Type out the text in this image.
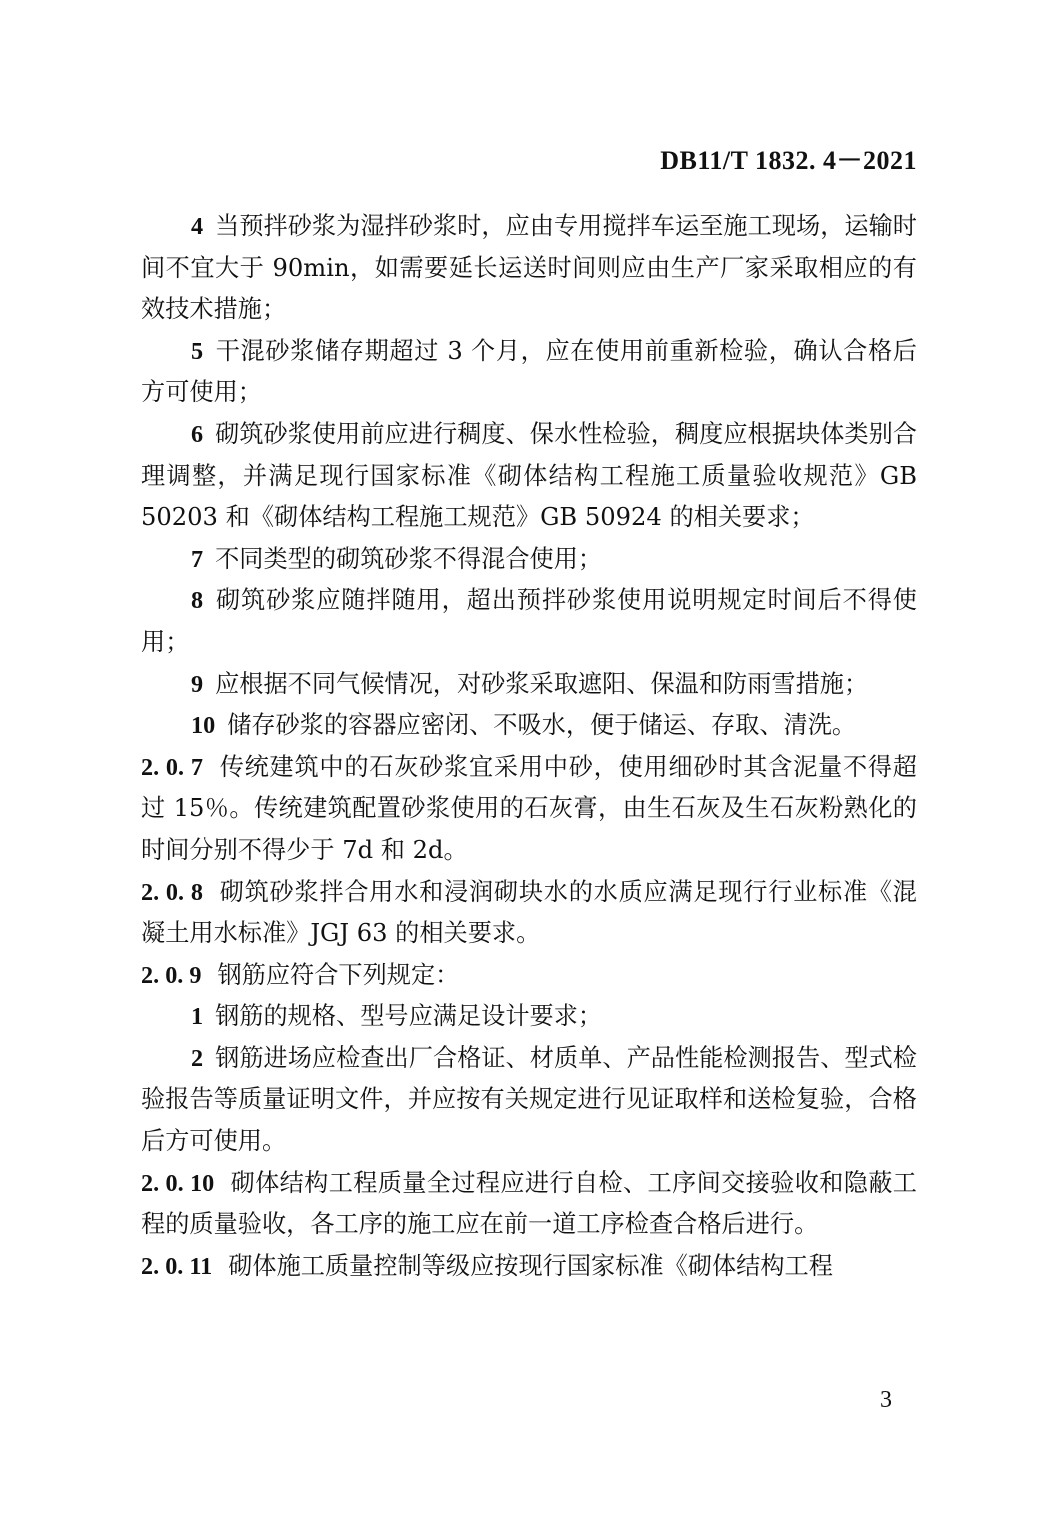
DB11/T 1832. 4－2021

4 当预拌砂浆为湿拌砂浆时，应由专用搅拌车运至施工现场，运输时间不宜大于 90min，如需要延长运送时间则应由生产厂家采取相应的有效技术措施；

5 干混砂浆储存期超过 3 个月，应在使用前重新检验，确认合格后方可使用；

6 砌筑砂浆使用前应进行稠度、保水性检验，稠度应根据块体类别合理调整，并满足现行国家标准《砌体结构工程施工质量验收规范》GB 50203 和《砌体结构工程施工规范》GB 50924 的相关要求；

7 不同类型的砌筑砂浆不得混合使用；

8 砌筑砂浆应随拌随用，超出预拌砂浆使用说明规定时间后不得使用；

9 应根据不同气候情况，对砂浆采取遮阳、保温和防雨雪措施；

10 储存砂浆的容器应密闭、不吸水，便于储运、存取、清洗。

2. 0. 7 传统建筑中的石灰砂浆宜采用中砂，使用细砂时其含泥量不得超过 15％。传统建筑配置砂浆使用的石灰膏，由生石灰及生石灰粉熟化的时间分别不得少于 7d 和 2d。

2. 0. 8 砌筑砂浆拌合用水和浸润砌块水的水质应满足现行行业标准《混凝土用水标准》JGJ 63 的相关要求。

2. 0. 9 钢筋应符合下列规定：

1 钢筋的规格、型号应满足设计要求；

2 钢筋进场应检查出厂合格证、材质单、产品性能检测报告、型式检验报告等质量证明文件，并应按有关规定进行见证取样和送检复验，合格后方可使用。

2. 0. 10 砌体结构工程质量全过程应进行自检、工序间交接验收和隐蔽工程的质量验收，各工序的施工应在前一道工序检查合格后进行。

2. 0. 11 砌体施工质量控制等级应按现行国家标准《砌体结构工程

3
